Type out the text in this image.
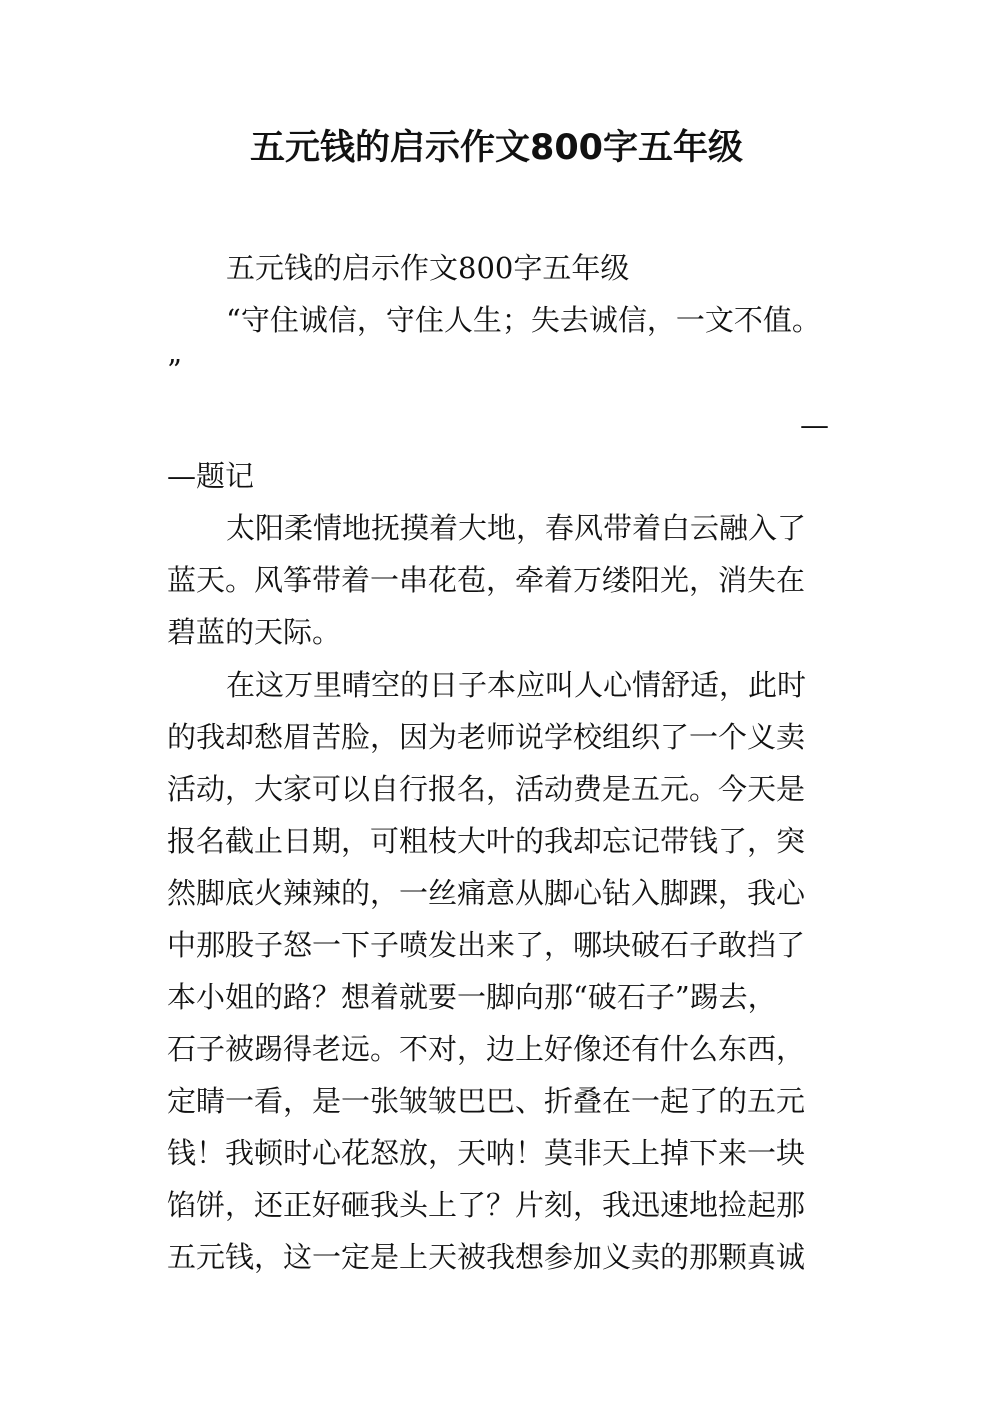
五元钱的启示作文800字五年级
五元钱的启示作文800字五年级
“守住诚信，守住人生；失去诚信，一文不值。
”
—
—题记
太阳柔情地抚摸着大地，春风带着白云融入了
蓝天。风筝带着一串花苞，牵着万缕阳光，消失在
碧蓝的天际。
在这万里晴空的日子本应叫人心情舒适，此时
的我却愁眉苦脸，因为老师说学校组织了一个义卖
活动，大家可以自行报名，活动费是五元。今天是
报名截止日期，可粗枝大叶的我却忘记带钱了，突
然脚底火辣辣的，一丝痛意从脚心钻入脚踝，我心
中那股子怒一下子喷发出来了，哪块破石子敢挡了
本小姐的路？想着就要一脚向那“破石子”踢去，
石子被踢得老远。不对，边上好像还有什么东西，
定睛一看，是一张皱皱巴巴、折叠在一起了的五元
钱！我顿时心花怒放，天呐！莫非天上掉下来一块
馅饼，还正好砸我头上了？片刻，我迅速地捡起那
五元钱，这一定是上天被我想参加义卖的那颗真诚
